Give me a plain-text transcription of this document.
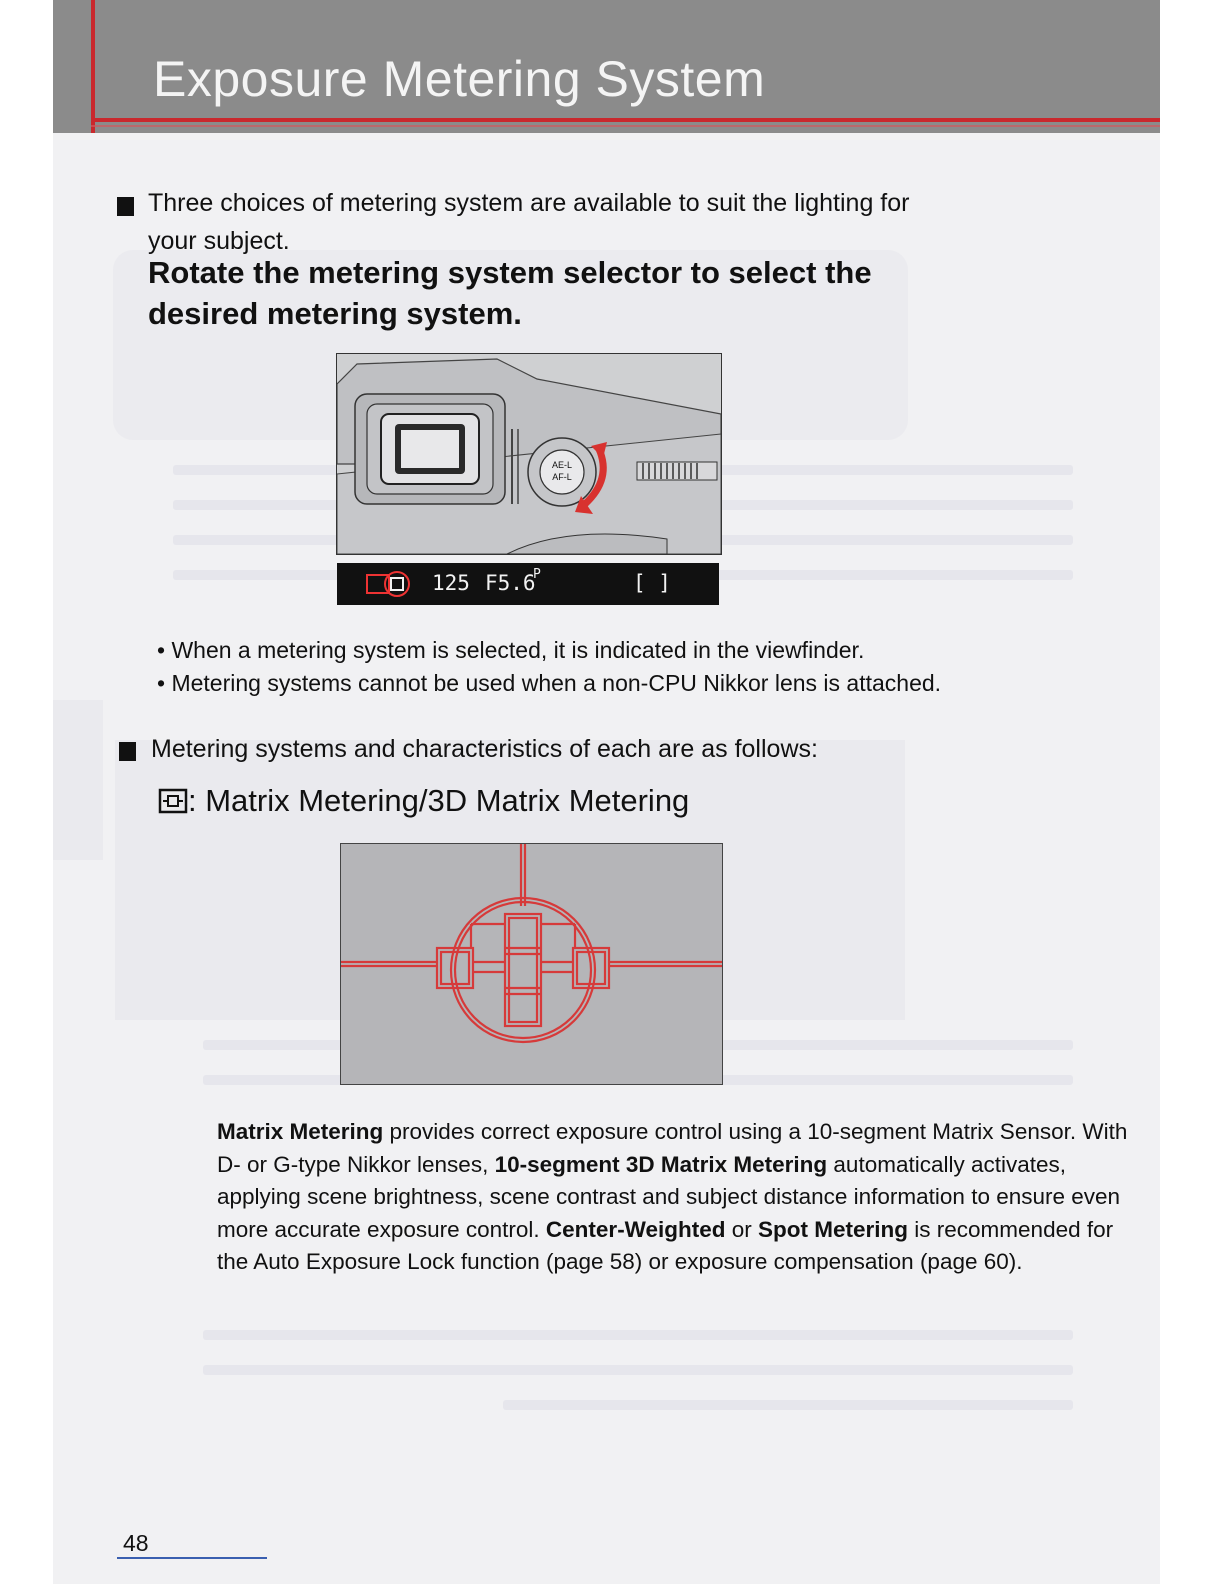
Exposure Metering System
Three choices of metering system are available to suit the lighting for
your subject.
Rotate the metering system selector to select the
desired metering system.
AE-L
AF-L
125 F5.6
P	[ ]
• When a metering system is selected, it is indicated in the viewfinder.
• Metering systems cannot be used when a non-CPU Nikkor lens is attached.
Metering systems and characteristics of each are as follows:
: Matrix Metering/3D Matrix Metering
Matrix Metering provides correct exposure control using a 10-segment Matrix Sensor. With D- or G-type Nikkor lenses, 10-segment 3D Matrix Metering automatically activates, applying scene brightness, scene contrast and subject distance information to ensure even more accurate exposure control. Center-Weighted or Spot Metering is recommended for the Auto Exposure Lock function (page 58) or exposure compensation (page 60).
48
